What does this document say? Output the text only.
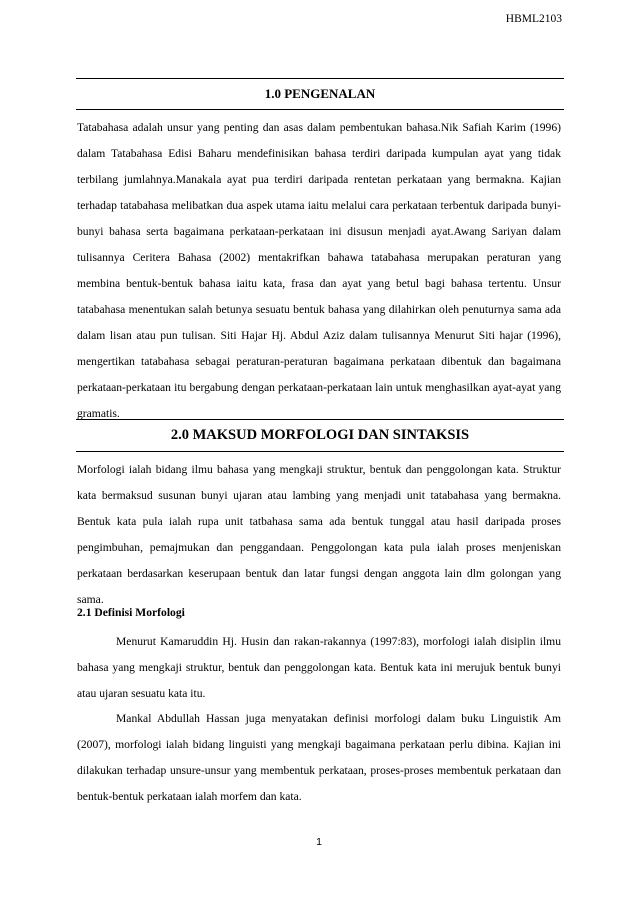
HBML2103
1.0 PENGENALAN

Tatabahasa adalah unsur yang penting dan asas dalam pembentukan bahasa.Nik Safiah Karim (1996) dalam Tatabahasa Edisi Baharu mendefinisikan bahasa terdiri daripada kumpulan ayat yang tidak terbilang jumlahnya.Manakala ayat pua terdiri daripada rentetan perkataan yang bermakna. Kajian terhadap tatabahasa melibatkan dua aspek utama iaitu melalui cara perkataan terbentuk daripada bunyi-bunyi bahasa serta bagaimana perkataan-perkataan ini disusun menjadi ayat.Awang Sariyan dalam tulisannya Ceritera Bahasa (2002) mentakrifkan bahawa tatabahasa merupakan peraturan yang membina bentuk-bentuk bahasa iaitu kata, frasa dan ayat yang betul bagi bahasa tertentu. Unsur tatabahasa menentukan salah betunya sesuatu bentuk bahasa yang dilahirkan oleh penuturnya sama ada dalam lisan atau pun tulisan. Siti Hajar Hj. Abdul Aziz dalam tulisannya Menurut Siti hajar (1996), mengertikan tatabahasa sebagai peraturan-peraturan bagaimana perkataan dibentuk dan bagaimana perkataan-perkataan itu bergabung dengan perkataan-perkataan lain untuk menghasilkan ayat-ayat yang gramatis.

2.0 MAKSUD MORFOLOGI DAN SINTAKSIS

Morfologi ialah bidang ilmu bahasa yang mengkaji struktur, bentuk dan penggolongan kata. Struktur kata bermaksud susunan bunyi ujaran atau lambing yang menjadi unit tatabahasa yang bermakna. Bentuk kata pula ialah rupa unit tatbahasa sama ada bentuk tunggal atau hasil daripada proses pengimbuhan, pemajmukan dan penggandaan. Penggolongan kata pula ialah proses menjeniskan perkataan berdasarkan keserupaan bentuk dan latar fungsi dengan anggota lain dlm golongan yang sama.

2.1 Definisi Morfologi

Menurut Kamaruddin Hj. Husin dan rakan-rakannya (1997:83), morfologi ialah disiplin ilmu bahasa yang mengkaji struktur, bentuk dan penggolongan kata. Bentuk kata ini merujuk bentuk bunyi atau ujaran sesuatu kata itu.

Mankal Abdullah Hassan juga menyatakan definisi morfologi dalam buku Linguistik Am (2007), morfologi ialah bidang linguisti yang mengkaji bagaimana perkataan perlu dibina. Kajian ini dilakukan terhadap unsure-unsur yang membentuk perkataan, proses-proses membentuk perkataan dan bentuk-bentuk perkataan ialah morfem dan kata.

1
